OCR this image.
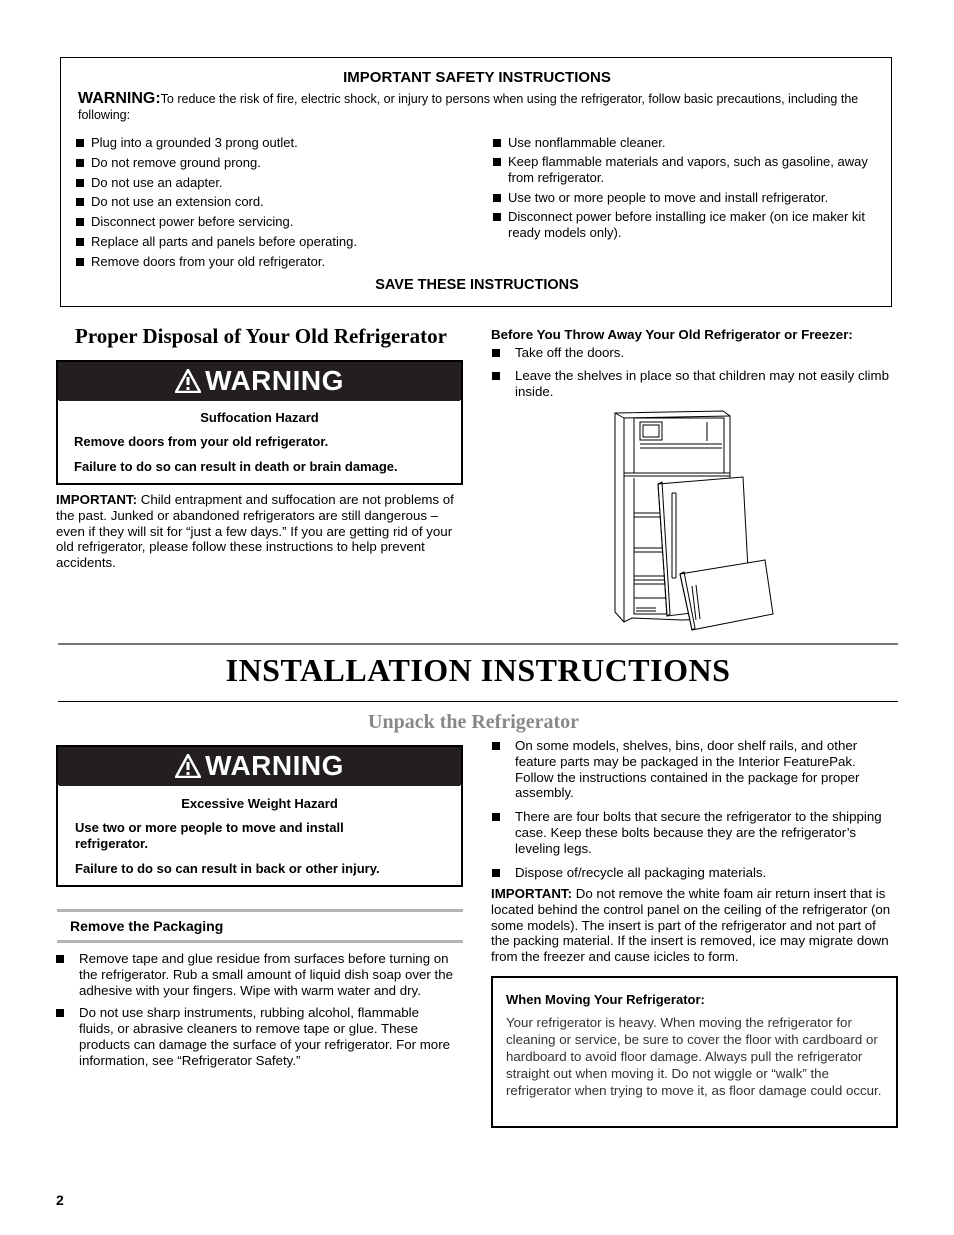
IMPORTANT SAFETY INSTRUCTIONS
WARNING:To reduce the risk of fire, electric shock, or injury to persons when using the refrigerator, follow basic precautions, including the following:
Plug into a grounded 3 prong outlet.
Do not remove ground prong.
Do not use an adapter.
Do not use an extension cord.
Disconnect power before servicing.
Replace all parts and panels before operating.
Remove doors from your old refrigerator.
Use nonflammable cleaner.
Keep flammable materials and vapors, such as gasoline, away from refrigerator.
Use two or more people to move and install refrigerator.
Disconnect power before installing ice maker (on ice maker kit ready models only).
SAVE THESE INSTRUCTIONS
Proper Disposal of Your Old Refrigerator
WARNING
Suffocation Hazard
Remove doors from your old refrigerator.
Failure to do so can result in death or brain damage.
IMPORTANT: Child entrapment and suffocation are not problems of the past. Junked or abandoned refrigerators are still dangerous – even if they will sit for “just a few days.” If you are getting rid of your old refrigerator, please follow these instructions to help prevent accidents.
Before You Throw Away Your Old Refrigerator or Freezer:
Take off the doors.
Leave the shelves in place so that children may not easily climb inside.
INSTALLATION INSTRUCTIONS
Unpack the Refrigerator
WARNING
Excessive Weight Hazard
Use two or more people to move and install refrigerator.
Failure to do so can result in back or other injury.
Remove the Packaging
Remove tape and glue residue from surfaces before turning on the refrigerator. Rub a small amount of liquid dish soap over the adhesive with your fingers. Wipe with warm water and dry.
Do not use sharp instruments, rubbing alcohol, flammable fluids, or abrasive cleaners to remove tape or glue. These products can damage the surface of your refrigerator. For more information, see “Refrigerator Safety.”
On some models, shelves, bins, door shelf rails, and other feature parts may be packaged in the Interior FeaturePak. Follow the instructions contained in the package for proper assembly.
There are four bolts that secure the refrigerator to the shipping case. Keep these bolts because they are the refrigerator’s leveling legs.
Dispose of/recycle all packaging materials.
IMPORTANT: Do not remove the white foam air return insert that is located behind the control panel on the ceiling of the refrigerator (on some models). The insert is part of the refrigerator and not part of the packing material. If the insert is removed, ice may migrate down from the freezer and cause icicles to form.
When Moving Your Refrigerator:
Your refrigerator is heavy. When moving the refrigerator for cleaning or service, be sure to cover the floor with cardboard or hardboard to avoid floor damage. Always pull the refrigerator straight out when moving it. Do not wiggle or “walk” the refrigerator when trying to move it, as floor damage could occur.
2
